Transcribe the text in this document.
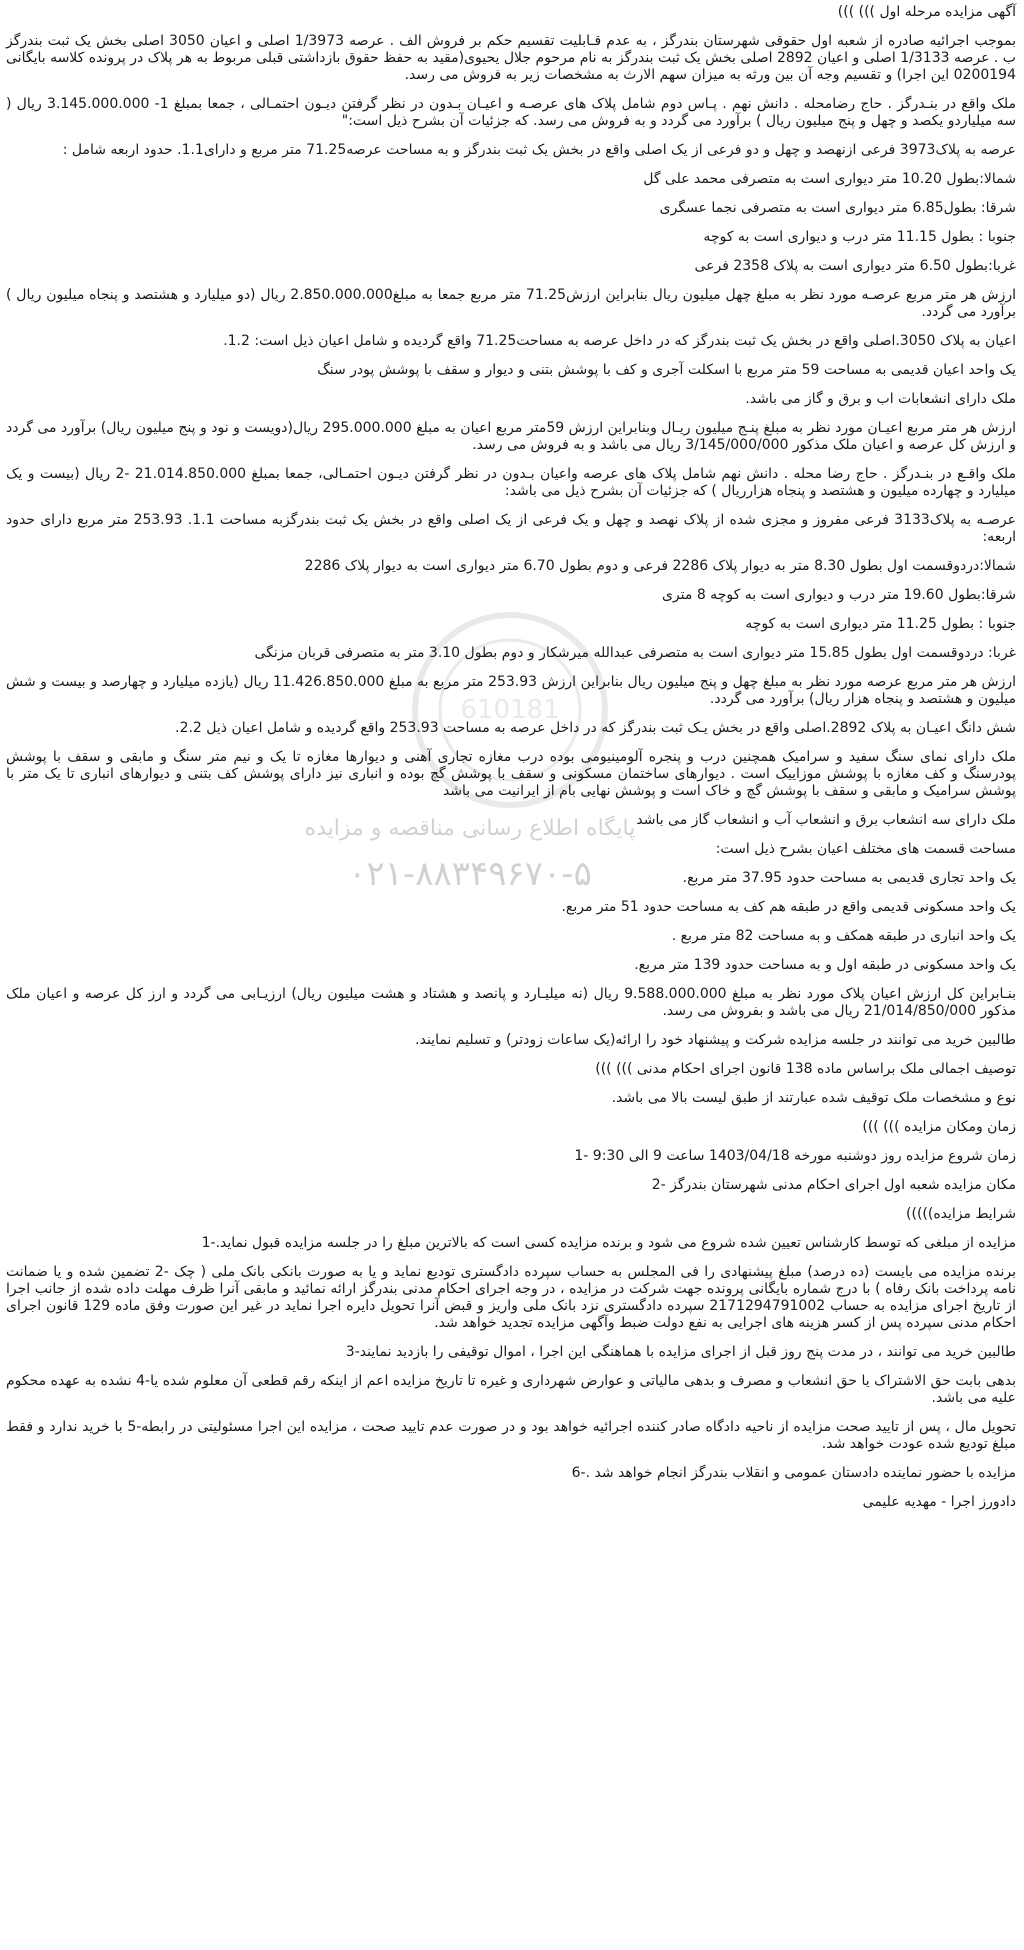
610181
پایگاه اطلاع رسانی مناقصه و مزایده
۰۲۱-۸۸۳۴۹۶۷۰-۵

آگهی مزایده مرحله اول ))) )))

بموجب اجرائیه صادره از شعبه اول حقوقی شهرستان بندرگز ، به عدم قـابلیت تقسیم حکم بر فروش الف . عرصه 1/3973 اصلی و اعیان 3050 اصلی بخش یک ثبت بندرگز ب . عرصه 1/3133 اصلی و اعیان 2892 اصلی بخش یک ثبت بندرگز به نام مرحوم جلال یحیوی(مقید به حفظ حقوق بازداشتی قبلی مربوط به هر پلاک در پرونده کلاسه بایگانی 0200194 این اجرا) و تقسیم وجه آن بین ورثه به میزان سهم الارث به مشخصات زیر به فروش می رسد.

ملک واقع در بنـدرگز . حاج رضامحله . دانش نهم . پـاس دوم شامل پلاک های عرصـه و اعیـان بـدون در نظر گرفتن دیـون احتمـالی ، جمعا بمبلغ 1- 3.145.000.000 ریال ( سه میلیاردو یکصد و چهل و پنج میلیون ریال ) برآورد می گردد و به فروش می رسد. که جزئیات آن بشرح ذیل است:"

عرصه به پلاک3973 فرعی ازنهصد و چهل و دو فرعی از یک اصلی واقع در بخش یک ثبت بندرگز و به مساحت عرصه71.25 متر مربع و دارای1.1. حدود اربعه شامل :

شمالا:بطول 10.20 متر دیواری است به متصرفی محمد علی گل

شرقا: بطول6.85 متر دیواری است به متصرفی نجما عسگری

جنوبا : بطول 11.15 متر درب و دیواری است به کوچه

غربا:بطول 6.50 متر دیواری است به پلاک 2358 فرعی

ارزش هر متر مربع عرصـه مورد نظر به مبلغ چهل میلیون ریال بنابراین ارزش71.25 متر مربع جمعا به مبلغ2.850.000.000 ریال (دو میلیارد و هشتصد و پنجاه میلیون ریال ) برآورد می گردد.

اعیان به پلاک 3050.اصلی واقع در بخش یک ثبت بندرگز که در داخل عرصه به مساحت71.25 واقع گردیده و شامل اعیان ذیل است: 1.2.

یک واحد اعیان قدیمی به مساحت 59 متر مربع با اسکلت آجری و کف با پوشش بتنی و دیوار و سقف با پوشش پودر سنگ

ملک دارای انشعابات اب و برق و گاز می باشد.

ارزش هر متر مربع اعیـان مورد نظر به مبلغ پنـج میلیون ریـال وبنابراین ارزش 59متر مربع اعیان به مبلغ 295.000.000 ریال(دویست و نود و پنج میلیون ریال) برآورد می گردد و ارزش کل عرصه و اعیان ملک مذکور 3/145/000/000 ریال می باشد و به فروش می رسد.

ملک واقـع در بنـدرگز . حاج رضا محله . دانش نهم شامل پلاک های عرصه واعیان بـدون در نظر گرفتن دیـون احتمـالی، جمعا بمبلغ 21.014.850.000 -2 ریال (بیست و یک میلیارد و چهارده میلیون و هشتصد و پنجاه هزارریال ) که جزئیات آن بشرح ذیل می باشد:

عرصـه به پلاک3133 فرعی مفروز و مجزی شده از پلاک نهصد و چهل و یک فرعی از یک اصلی واقع در بخش یک ثبت بندرگزبه مساحت 1.1. 253.93 متر مربع دارای حدود اربعه:

شمالا:دردوقسمت اول بطول 8.30 متر به دیوار پلاک 2286 فرعی و دوم بطول 6.70 متر دیواری است به دیوار پلاک 2286

شرقا:بطول 19.60 متر درب و دیواری است به کوچه 8 متری

جنوبا : بطول 11.25 متر دیواری است به کوچه

غربا: دردوقسمت اول بطول 15.85 متر دیواری است به متصرفی عبدالله میرشکار و دوم بطول 3.10 متر به متصرفی قربان مزنگی

ارزش هر متر مربع عرصه مورد نظر به مبلغ چهل و پنج میلیون ریال بنابراین ارزش 253.93 متر مربع به مبلغ 11.426.850.000 ریال (یازده میلیارد و چهارصد و بیست و شش میلیون و هشتصد و پنجاه هزار ریال) برآورد می گردد.

شش دانگ اعیـان به پلاک 2892.اصلی واقع در بخش یـک ثبت بندرگز که در داخل عرصه به مساحت 253.93 واقع گردیده و شامل اعیان ذیل 2.2.

ملک دارای نمای سنگ سفید و سرامیک همچنین درب و پنجره آلومینیومی بوده درب مغازه تجاری آهنی و دیوارها مغازه تا یک و نیم متر سنگ و مابقی و سقف با پوشش پودرسنگ و کف مغازه با پوشش موزاییک است . دیوارهای ساختمان مسکونی و سقف با پوشش گچ بوده و انباری نیز دارای پوشش کف بتنی و دیوارهای انباری تا یک متر با پوشش سرامیک و مابقی و سقف با پوشش گچ و خاک است و پوشش نهایی بام از ایرانیت می باشد

ملک دارای سه انشعاب برق و انشعاب آب و انشعاب گاز می باشد

مساحت قسمت های مختلف اعیان بشرح ذیل است:

یک واحد تجاری قدیمی به مساحت حدود 37.95 متر مربع.

یک واحد مسکونی قدیمی واقع در طبقه هم کف به مساحت حدود 51 متر مربع.

یک واحد انباری در طبقه همکف و به مساحت 82 متر مربع .

یک واحد مسکونی در طبقه اول و به مساحت حدود 139 متر مربع.

بنـابراین کل ارزش اعیان پلاک مورد نظر به مبلغ 9.588.000.000 ریال (نه میلیـارد و پانصد و هشتاد و هشت میلیون ریال) ارزیـابی می گردد و ارز کل عرصه و اعیان ملک مذکور 21/014/850/000 ریال می باشد و بفروش می رسد.

طالبین خرید می توانند در جلسه مزایده شرکت و پیشنهاد خود را ارائه(یک ساعات زودتر) و تسلیم نمایند.

توصیف اجمالی ملک براساس ماده 138 قانون اجرای احکام مدنی ))) )))

نوع و مشخصات ملک توقیف شده عبارتند از طبق لیست بالا می باشد.

زمان ومکان مزایده ))) )))

زمان شروع مزایده روز دوشنبه مورخه 1403/04/18 ساعت 9 الی 9:30 -1

مکان مزایده شعبه اول اجرای احکام مدنی شهرستان بندرگز -2

شرایط مزایده)))))

مزایده از مبلغی که توسط کارشناس تعیین شده شروع می شود و برنده مزایده کسی است که بالاترین مبلغ را در جلسه مزایده قبول نماید.-1

برنده مزایده می بایست (ده درصد) مبلغ پیشنهادی را فی المجلس به حساب سپرده دادگستری تودیع نماید و یا به صورت بانکی بانک ملی ( چک -2 تضمین شده و یا ضمانت نامه پرداخت بانک رفاه ) با درج شماره بایگانی پرونده جهت شرکت در مزایده ، در وجه اجرای احکام مدنی بندرگز ارائه نمائید و مابقی آنرا ظرف مهلت داده شده از جانب اجرا از تاریخ اجرای مزایده به حساب 2171294791002 سپرده دادگستری نزد بانک ملی واریز و قبض آنرا تحویل دایره اجرا نماید در غیر این صورت وفق ماده 129 قانون اجرای احکام مدنی سپرده پس از کسر هزینه های اجرایی به نفع دولت ضبط وآگهی مزایده تجدید خواهد شد.

طالبین خرید می توانند ، در مدت پنج روز قبل از اجرای مزایده با هماهنگی این اجرا ، اموال توقیفی را بازدید نمایند-3

بدهی بابت حق الاشتراک یا حق انشعاب و مصرف و بدهی مالیاتی و عوارض شهرداری و غیره تا تاریخ مزایده اعم از اینکه رقم قطعی آن معلوم شده یا-4 نشده به عهده محکوم علیه می باشد.

تحویل مال ، پس از تایید صحت مزایده از ناحیه دادگاه صادر کننده اجرائیه خواهد بود و در صورت عدم تایید صحت ، مزایده این اجرا مسئولیتی در رابطه-5 با خرید ندارد و فقط مبلغ تودیع شده عودت خواهد شد.

مزایده با حضور نماینده دادستان عمومی و انقلاب بندرگز انجام خواهد شد .-6

دادورز اجرا - مهدیه علیمی
